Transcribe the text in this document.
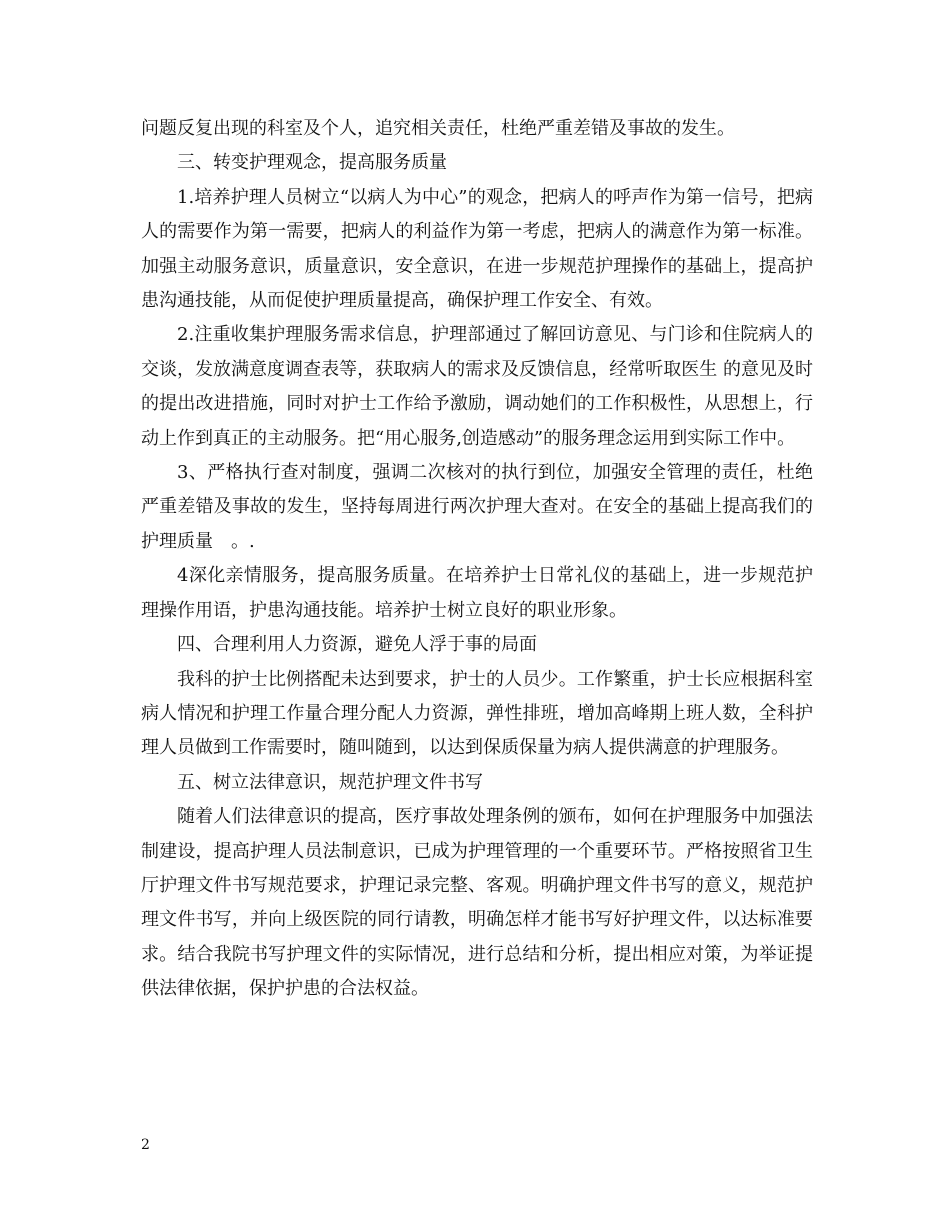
问题反复出现的科室及个人，追究相关责任，杜绝严重差错及事故的发生。

三、转变护理观念，提高服务质量

1.培养护理人员树立“以病人为中心”的观念，把病人的呼声作为第一信号，把病人的需要作为第一需要，把病人的利益作为第一考虑，把病人的满意作为第一标准。加强主动服务意识，质量意识，安全意识，在进一步规范护理操作的基础上，提高护患沟通技能，从而促使护理质量提高，确保护理工作安全、有效。

2.注重收集护理服务需求信息，护理部通过了解回访意见、与门诊和住院病人的交谈，发放满意度调查表等，获取病人的需求及反馈信息，经常听取医生 的意见及时的提出改进措施，同时对护士工作给予激励，调动她们的工作积极性，从思想上，行动上作到真正的主动服务。把“用心服务,创造感动”的服务理念运用到实际工作中。

3、严格执行查对制度，强调二次核对的执行到位，加强安全管理的责任，杜绝严重差错及事故的发生，坚持每周进行两次护理大查对。在安全的基础上提高我们的护理质量　。.

4深化亲情服务，提高服务质量。在培养护士日常礼仪的基础上，进一步规范护理操作用语，护患沟通技能。培养护士树立良好的职业形象。

四、合理利用人力资源，避免人浮于事的局面

我科的护士比例搭配未达到要求，护士的人员少。工作繁重，护士长应根据科室病人情况和护理工作量合理分配人力资源，弹性排班，增加高峰期上班人数，全科护理人员做到工作需要时，随叫随到，以达到保质保量为病人提供满意的护理服务。

五、树立法律意识，规范护理文件书写

随着人们法律意识的提高，医疗事故处理条例的颁布，如何在护理服务中加强法制建设，提高护理人员法制意识，已成为护理管理的一个重要环节。严格按照省卫生厅护理文件书写规范要求，护理记录完整、客观。明确护理文件书写的意义，规范护理文件书写，并向上级医院的同行请教，明确怎样才能书写好护理文件，以达标准要求。结合我院书写护理文件的实际情况，进行总结和分析，提出相应对策，为举证提供法律依据，保护护患的合法权益。

2
